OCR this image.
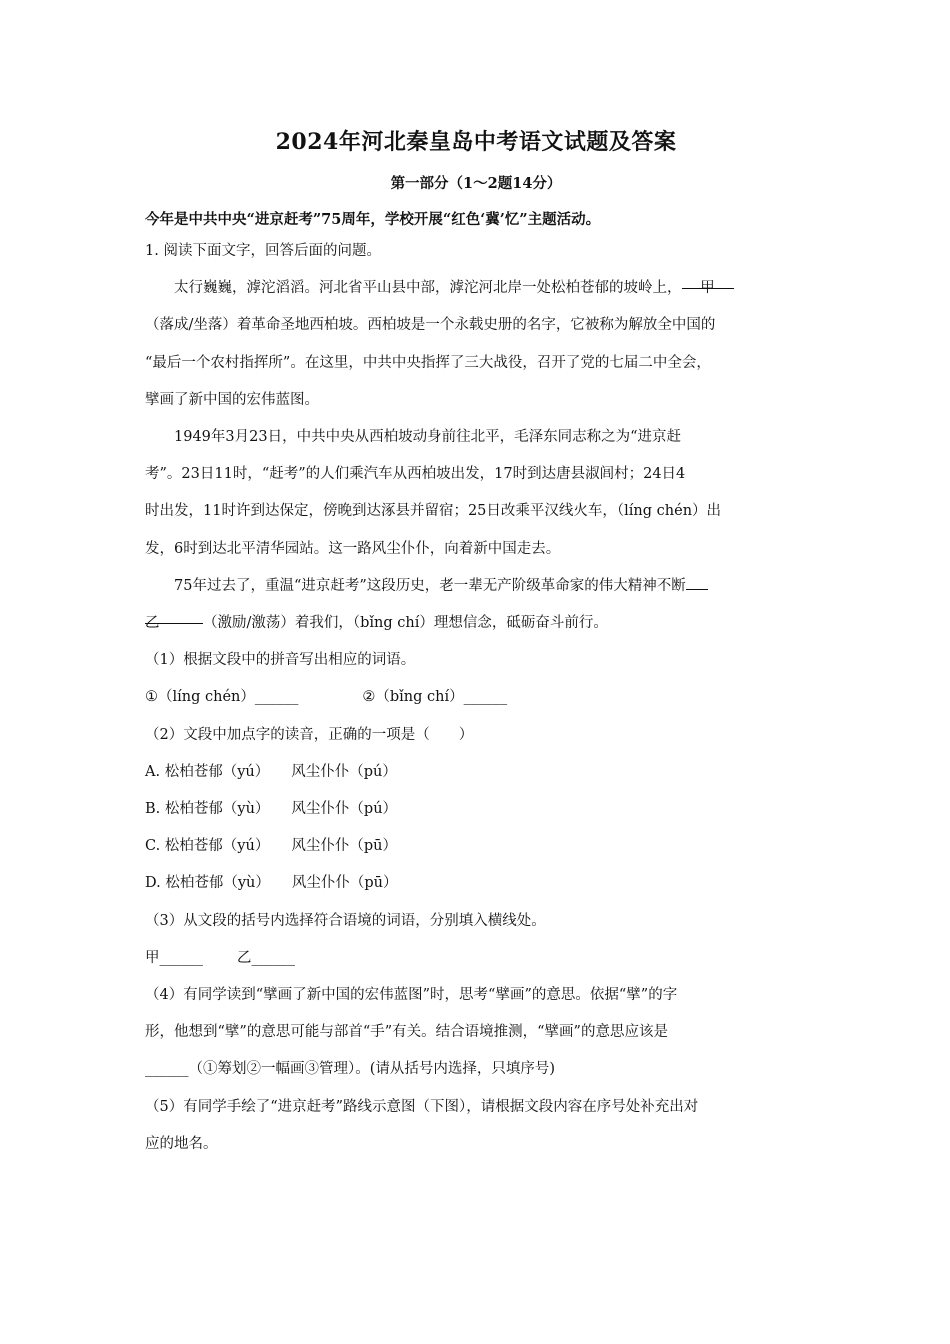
2024年河北秦皇岛中考语文试题及答案
第一部分（1～2题14分）
今年是中共中央“进京赶考”75周年，学校开展“红色‘冀’忆”主题活动。
1. 阅读下面文字，回答后面的问题。
太行巍巍，滹沱滔滔。河北省平山县中部，滹沱河北岸一处松柏苍郁的坡岭上， 甲
（落成/坐落）着革命圣地西柏坡。西柏坡是一个永载史册的名字，它被称为解放全中国的
“最后一个农村指挥所”。在这里，中共中央指挥了三大战役，召开了党的七届二中全会，
擘画了新中国的宏伟蓝图。
1949年3月23日，中共中央从西柏坡动身前往北平，毛泽东同志称之为“进京赶
考”。23日11时，“赶考”的人们乘汽车从西柏坡出发，17时到达唐县淑闾村；24日4
时出发，11时许到达保定，傍晚到达涿县并留宿；25日改乘平汉线火车，（líng chén）出
发，6时到达北平清华园站。这一路风尘仆仆，向着新中国走去。
75年过去了，重温“进京赶考”这段历史，老一辈无产阶级革命家的伟大精神不断
乙	（激励/激荡）着我们，（bǐng chí）理想信念，砥砺奋斗前行。
（1）根据文段中的拼音写出相应的词语。
①（líng chén）______	②（bǐng chí）______
（2）文段中加点字的读音，正确的一项是（　　）
A. 松柏苍郁（yú） 风尘仆仆（pú）
B. 松柏苍郁（yù） 风尘仆仆（pú）
C. 松柏苍郁（yú） 风尘仆仆（pū）
D. 松柏苍郁（yù） 风尘仆仆（pū）
（3）从文段的括号内选择符合语境的词语，分别填入横线处。
甲______ 乙______
（4）有同学读到“擘画了新中国的宏伟蓝图”时，思考“擘画”的意思。依据“擘”的字
形，他想到“擘”的意思可能与部首“手”有关。结合语境推测，“擘画”的意思应该是
______（①筹划②一幅画③管理）。(请从括号内选择，只填序号)
（5）有同学手绘了“进京赶考”路线示意图（下图），请根据文段内容在序号处补充出对
应的地名。
